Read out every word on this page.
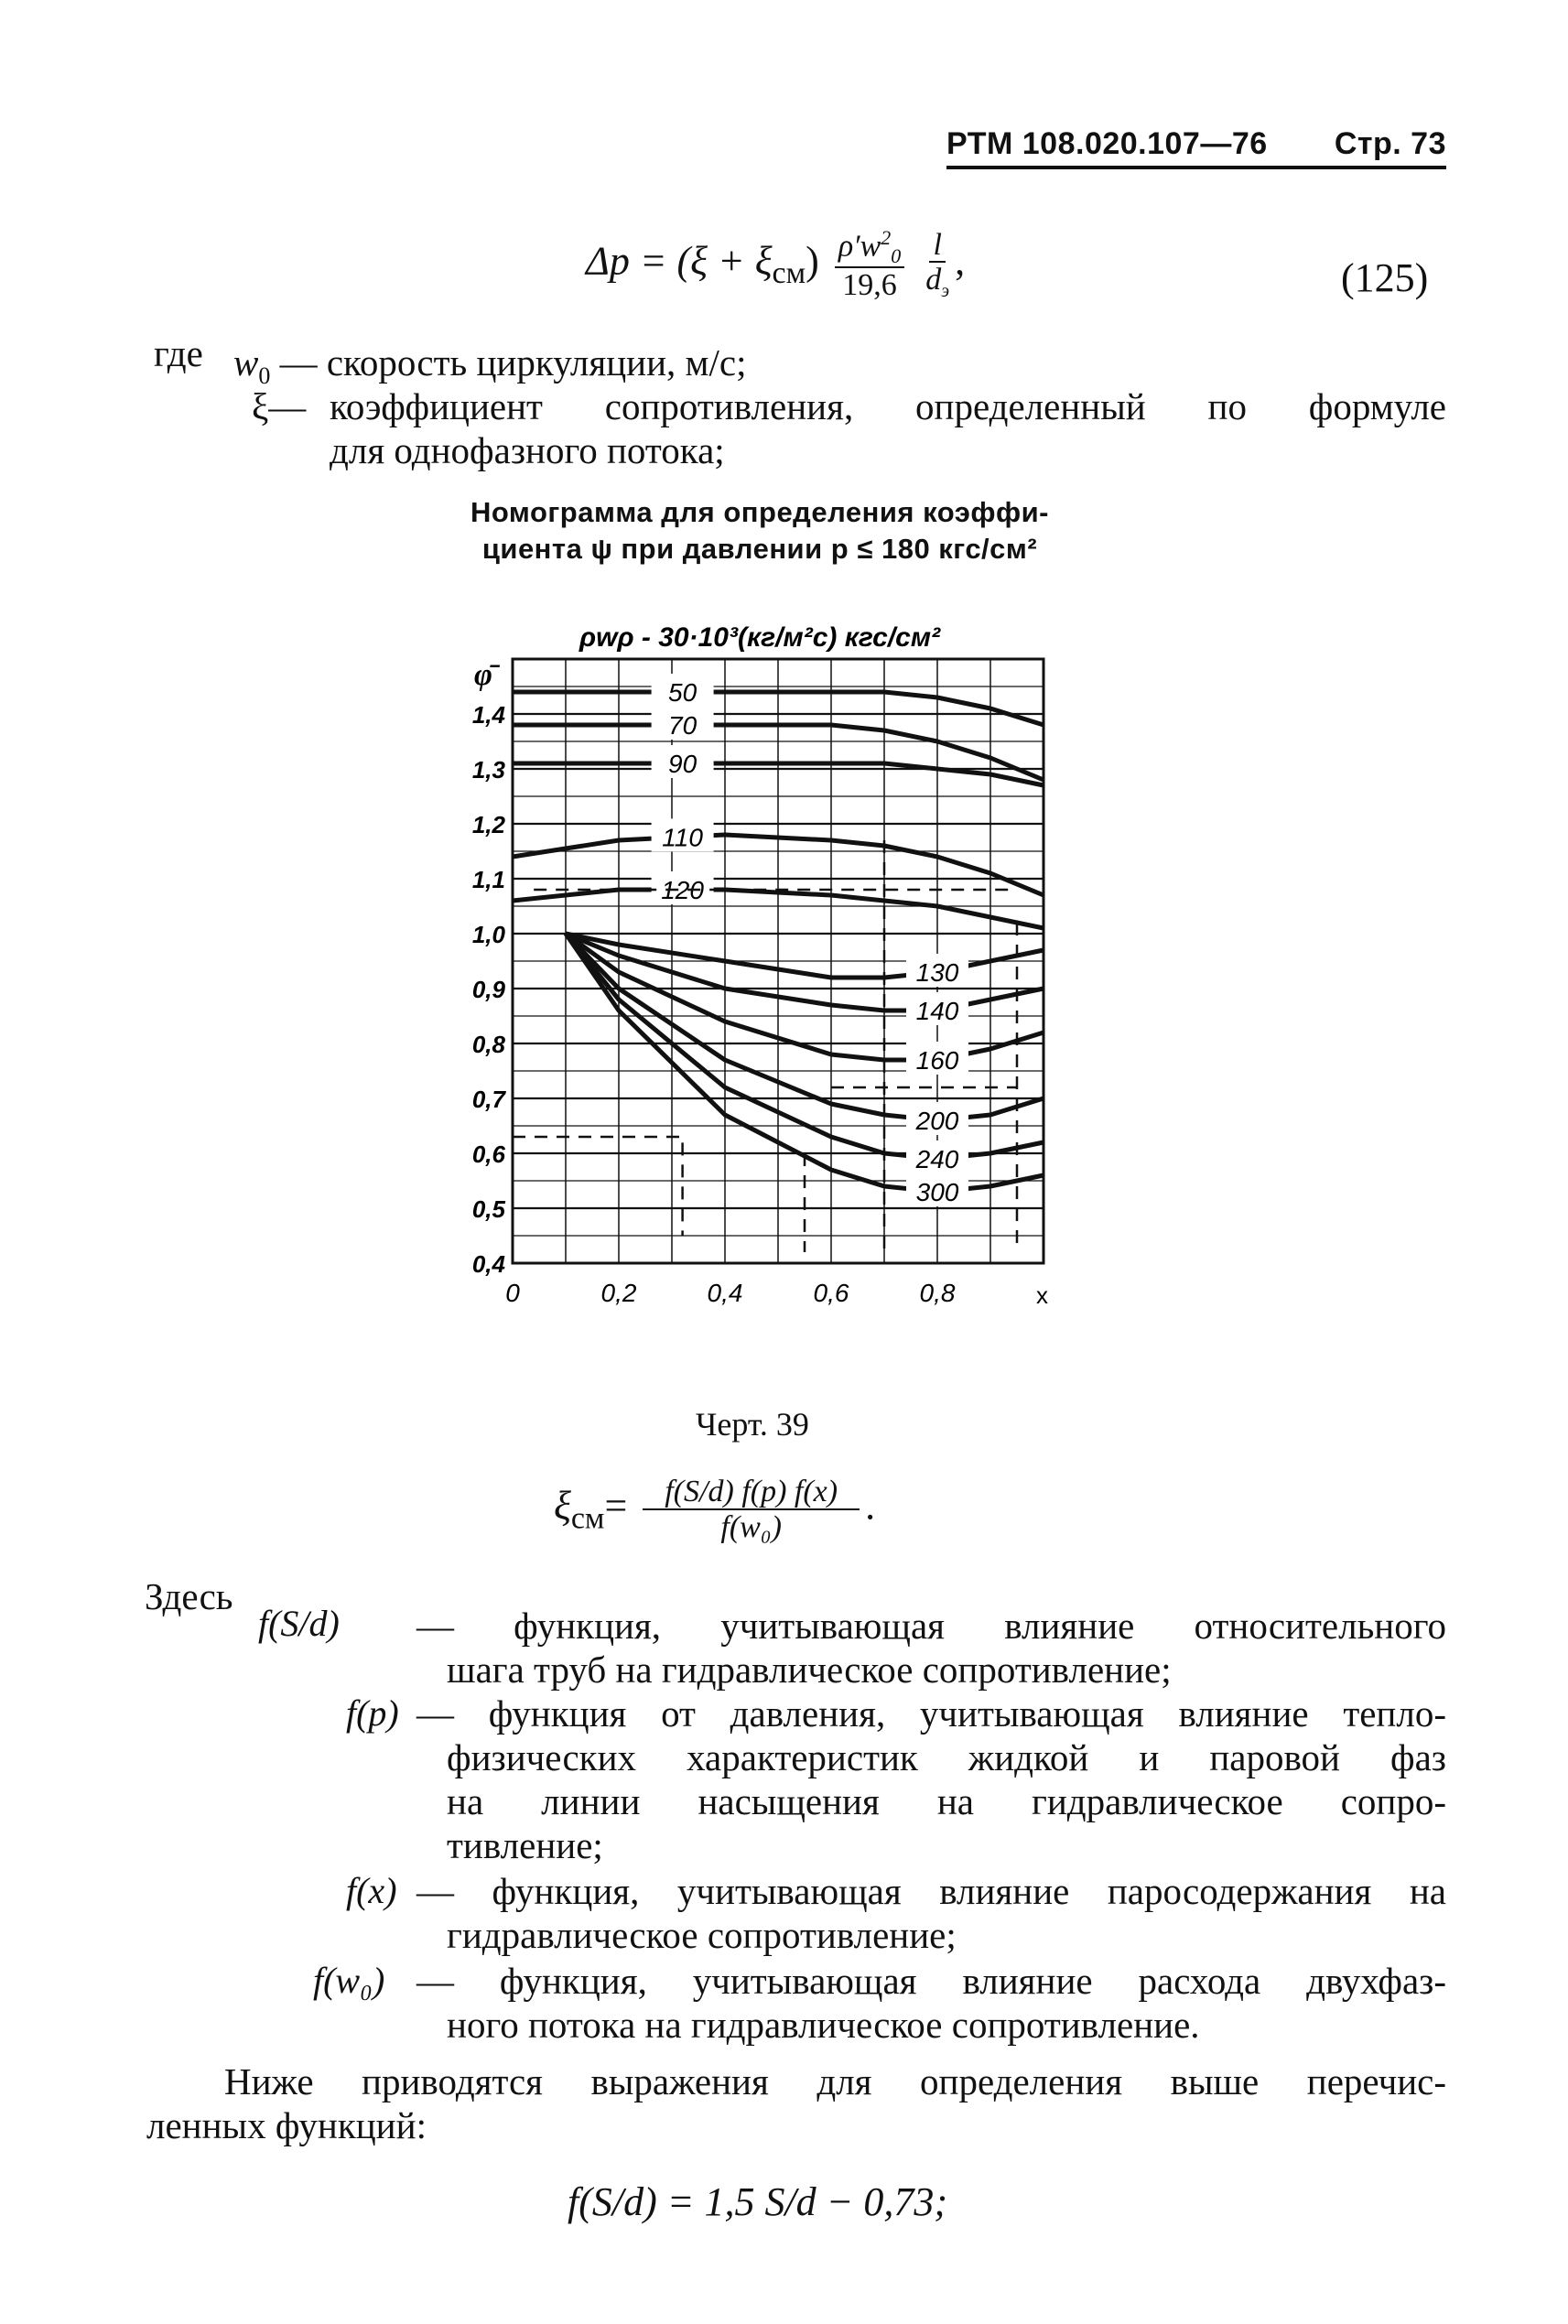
РТМ 108.020.107—76 Стр. 73
$\Delta p = (\xi + \xi_{см}) \frac{\rho'w^2_0}{19,6}$
$\frac{l}{d_э}$ ,	(125)
где $w_0$ — скорость циркуляции, м/с;
ξ— коэффициент сопротивления, определенный по формуле
для однофазного потока;
Номограмма для определения коэффи-
циента ψ при давлении p ≤ 180 кгс/см²
0	0,2	0,4	0,6	0,8	x
1,4
1,3
1,2
1,1
1,0
0,9
0,8
0,7
0,6
0,5
0,4
φ̄
ρwρ - 30·10³(кг/м²с) кгс/см²
50
70
90
110
120
130
140
160
200
240
300
Черт. 39
$\xi_{см}= \frac{f(S/d) f(p) f(x)}{\text{f(w₀)}}$ .
Здесь
f(S/d) — функция, учитывающая влияние относительного
шага труб на гидравлическое сопротивление;
f(p) — функция от давления, учитывающая влияние тепло-
физических характеристик жидкой и паровой фаз
на линии насыщения на гидравлическое сопро-
тивление;
f(x) — функция, учитывающая влияние паросодержания на
гидравлическое сопротивление;
f(w₀) — функция, учитывающая влияние расхода двухфаз-
ного потока на гидравлическое сопротивление.
Ниже приводятся выражения для определения выше перечис-
ленных функций:
f(S/d) = 1,5 S/d − 0,73;
